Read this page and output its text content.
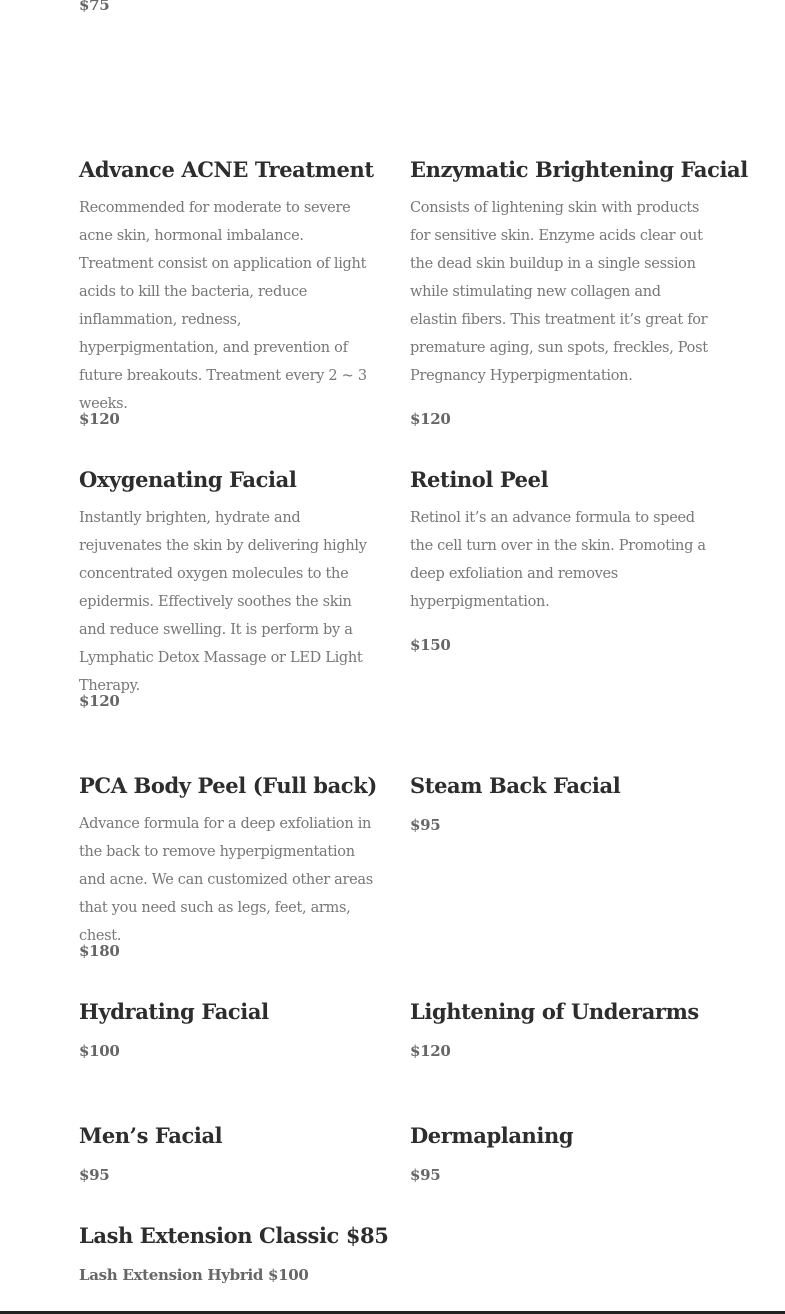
$75
Advance ACNE Treatment

Recommended for moderate to severe acne skin, hormonal imbalance. Treatment consist on application of light acids to kill the bacteria, reduce inflammation, redness, hyperpigmentation, and prevention of future breakouts. Treatment every 2 ~ 3 weeks.

$120
Enzymatic Brightening Facial

Consists of lightening skin with products for sensitive skin. Enzyme acids clear out the dead skin buildup in a single session while stimulating new collagen and elastin fibers. This treatment it’s great for premature aging, sun spots, freckles, Post Pregnancy Hyperpigmentation.

$120
Oxygenating Facial

Instantly brighten, hydrate and rejuvenates the skin by delivering highly concentrated oxygen molecules to the epidermis. Effectively soothes the skin and reduce swelling. It is perform by a Lymphatic Detox Massage or LED Light Therapy.

$120
Retinol Peel

Retinol it’s an advance formula to speed the cell turn over in the skin. Promoting a deep exfoliation and removes hyperpigmentation.

$150
PCA Body Peel (Full back)

Advance formula for a deep exfoliation in the back to remove hyperpigmentation and acne. We can customized other areas that you need such as legs, feet, arms, chest.

$180
Steam Back Facial
$95
Hydrating Facial
$100
Lightening of Underarms
$120
Men’s Facial
$95
Dermaplaning
$95
Lash Extension Classic $85
Lash Extension Hybrid $100
